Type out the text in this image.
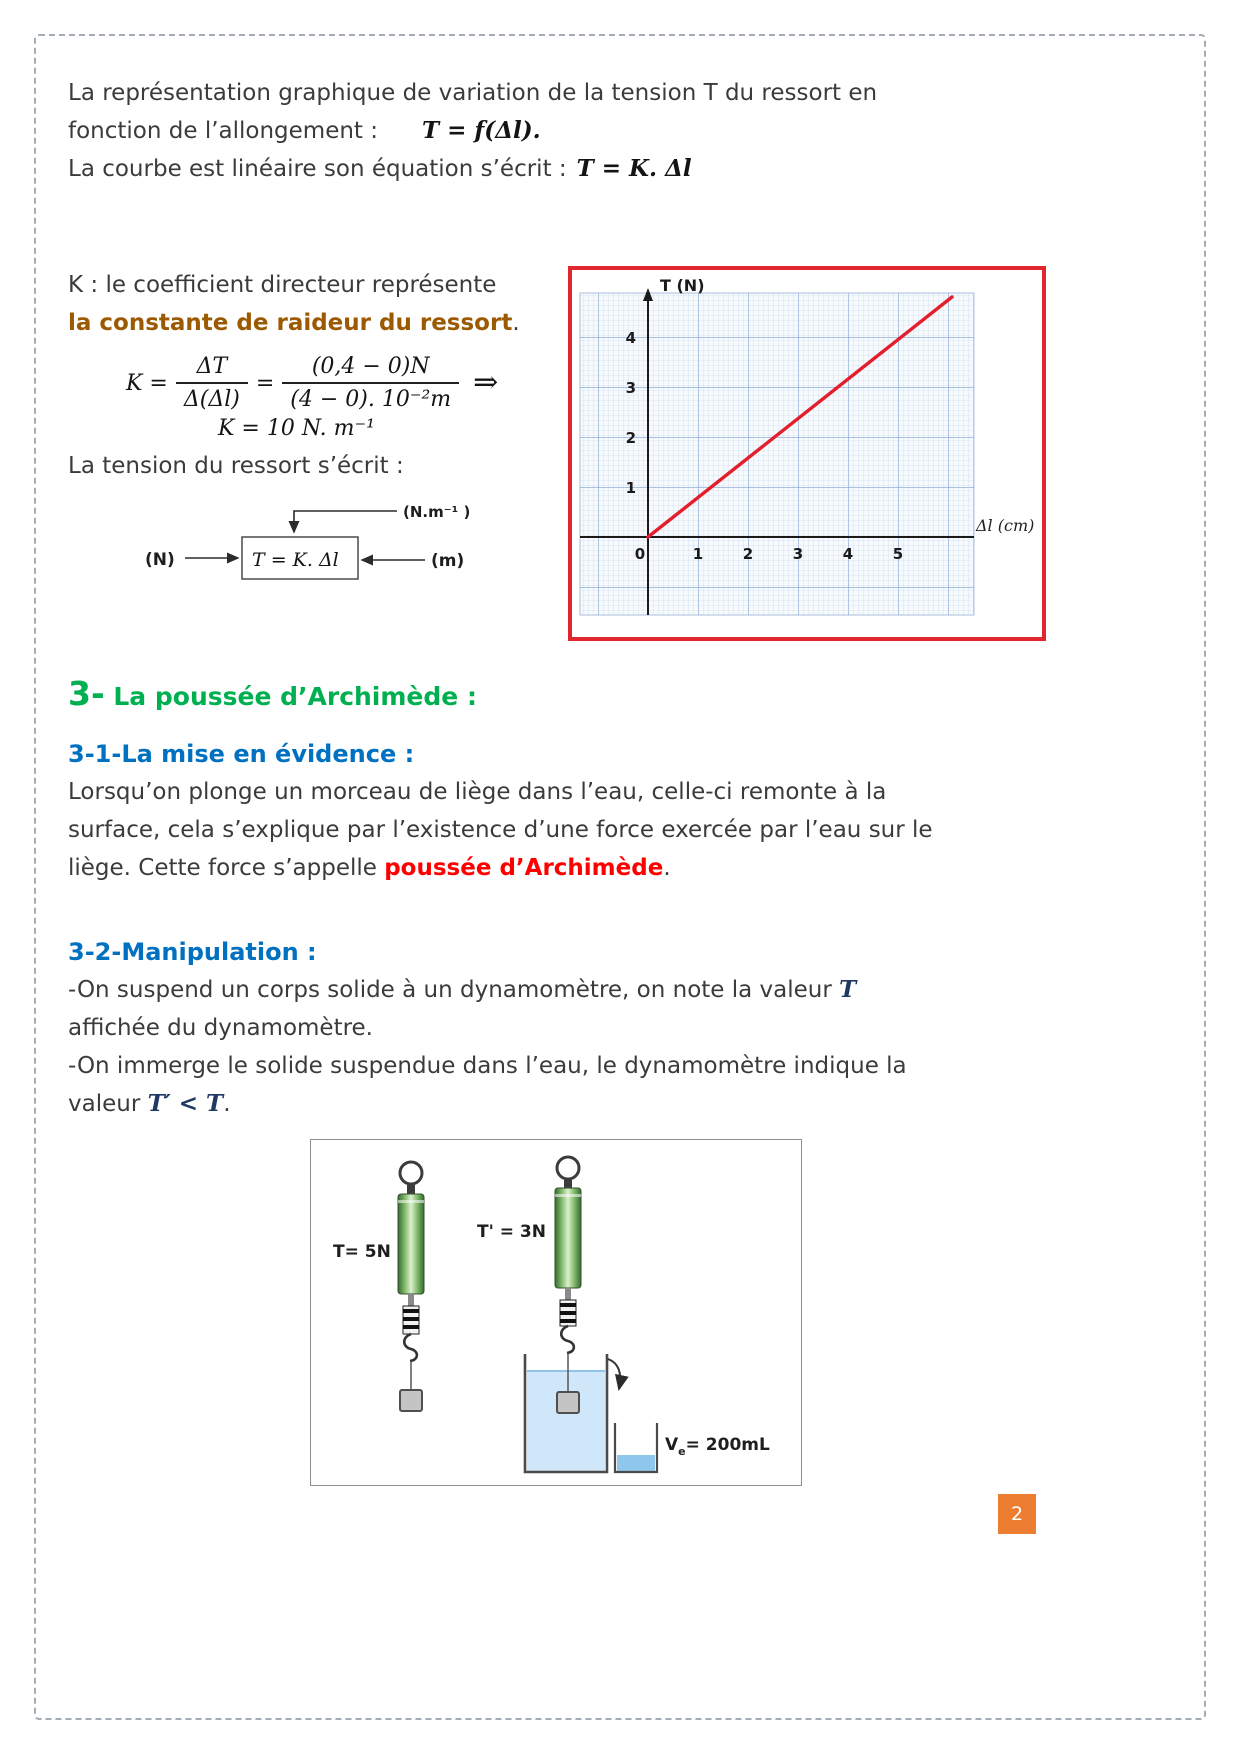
La représentation graphique de variation de la tension T du ressort en
fonction de l’allongement : T = f(Δl).
La courbe est linéaire son équation s’écrit : T = K. Δl
K : le coefficient directeur représente
la constante de raideur du ressort.
$K = \frac{\Delta T}{\Delta(\Delta l)} = \frac{(0,4 - 0)N}{\text{(4 − 0). 10⁻²m}}$ ⇒
K = 10 N. m⁻¹
La tension du ressort s’écrit :
(N)	T = K. Δl
(N.m⁻¹ )
(m)
T (N)
Δl (cm)
4
3
2
1
0	1	2	3	4	5
3- La poussée d’Archimède :
3-1-La mise en évidence :
Lorsqu’on plonge un morceau de liège dans l’eau, celle-ci remonte à la
surface, cela s’explique par l’existence d’une force exercée par l’eau sur le
liège. Cette force s’appelle poussée d’Archimède.
3-2-Manipulation :
-On suspend un corps solide à un dynamomètre, on note la valeur T
affichée du dynamomètre.
-On immerge le solide suspendue dans l’eau, le dynamomètre indique la
valeur T′ < T.
T= 5N
T' = 3N
$V_e= 200mL$
2
